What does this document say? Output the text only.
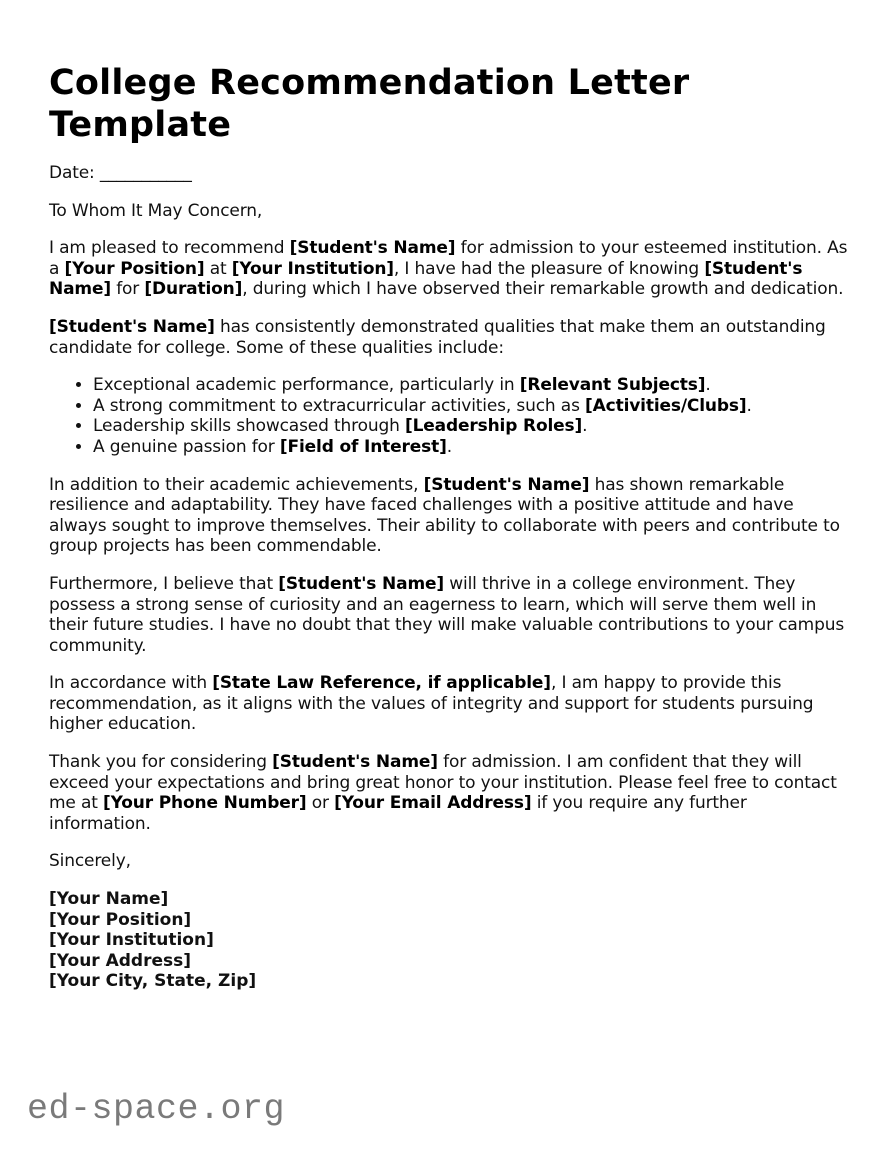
College Recommendation Letter Template

Date: ___________

To Whom It May Concern,

I am pleased to recommend [Student's Name] for admission to your esteemed institution. As a [Your Position] at [Your Institution], I have had the pleasure of knowing [Student's Name] for [Duration], during which I have observed their remarkable growth and dedication.

[Student's Name] has consistently demonstrated qualities that make them an outstanding candidate for college. Some of these qualities include:

• Exceptional academic performance, particularly in [Relevant Subjects].
• A strong commitment to extracurricular activities, such as [Activities/Clubs].
• Leadership skills showcased through [Leadership Roles].
• A genuine passion for [Field of Interest].

In addition to their academic achievements, [Student's Name] has shown remarkable resilience and adaptability. They have faced challenges with a positive attitude and have always sought to improve themselves. Their ability to collaborate with peers and contribute to group projects has been commendable.

Furthermore, I believe that [Student's Name] will thrive in a college environment. They possess a strong sense of curiosity and an eagerness to learn, which will serve them well in their future studies. I have no doubt that they will make valuable contributions to your campus community.

In accordance with [State Law Reference, if applicable], I am happy to provide this recommendation, as it aligns with the values of integrity and support for students pursuing higher education.

Thank you for considering [Student's Name] for admission. I am confident that they will exceed your expectations and bring great honor to your institution. Please feel free to contact me at [Your Phone Number] or [Your Email Address] if you require any further information.

Sincerely,

[Your Name]
[Your Position]
[Your Institution]
[Your Address]
[Your City, State, Zip]
ed-space.org
